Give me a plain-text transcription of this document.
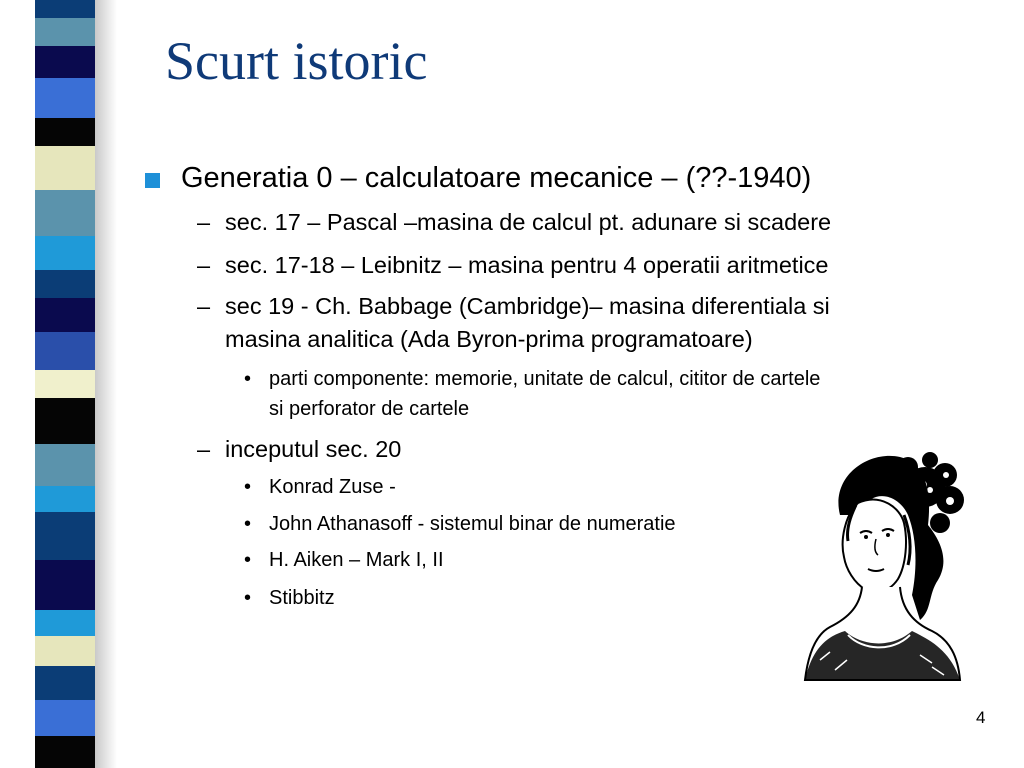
Scurt istoric
Generatia 0 – calculatoare mecanice – (??-1940)
– sec. 17 – Pascal –masina de calcul pt. adunare si scadere
– sec. 17-18 – Leibnitz – masina pentru 4 operatii aritmetice
– sec 19 - Ch. Babbage (Cambridge)– masina diferentiala si
masina analitica (Ada Byron-prima programatoare)
• parti componente: memorie, unitate de calcul, cititor de cartele
si perforator de cartele
– inceputul sec. 20
• Konrad Zuse -
• John Athanasoff - sistemul binar de numeratie
• H. Aiken – Mark I, II
• Stibbitz
4
